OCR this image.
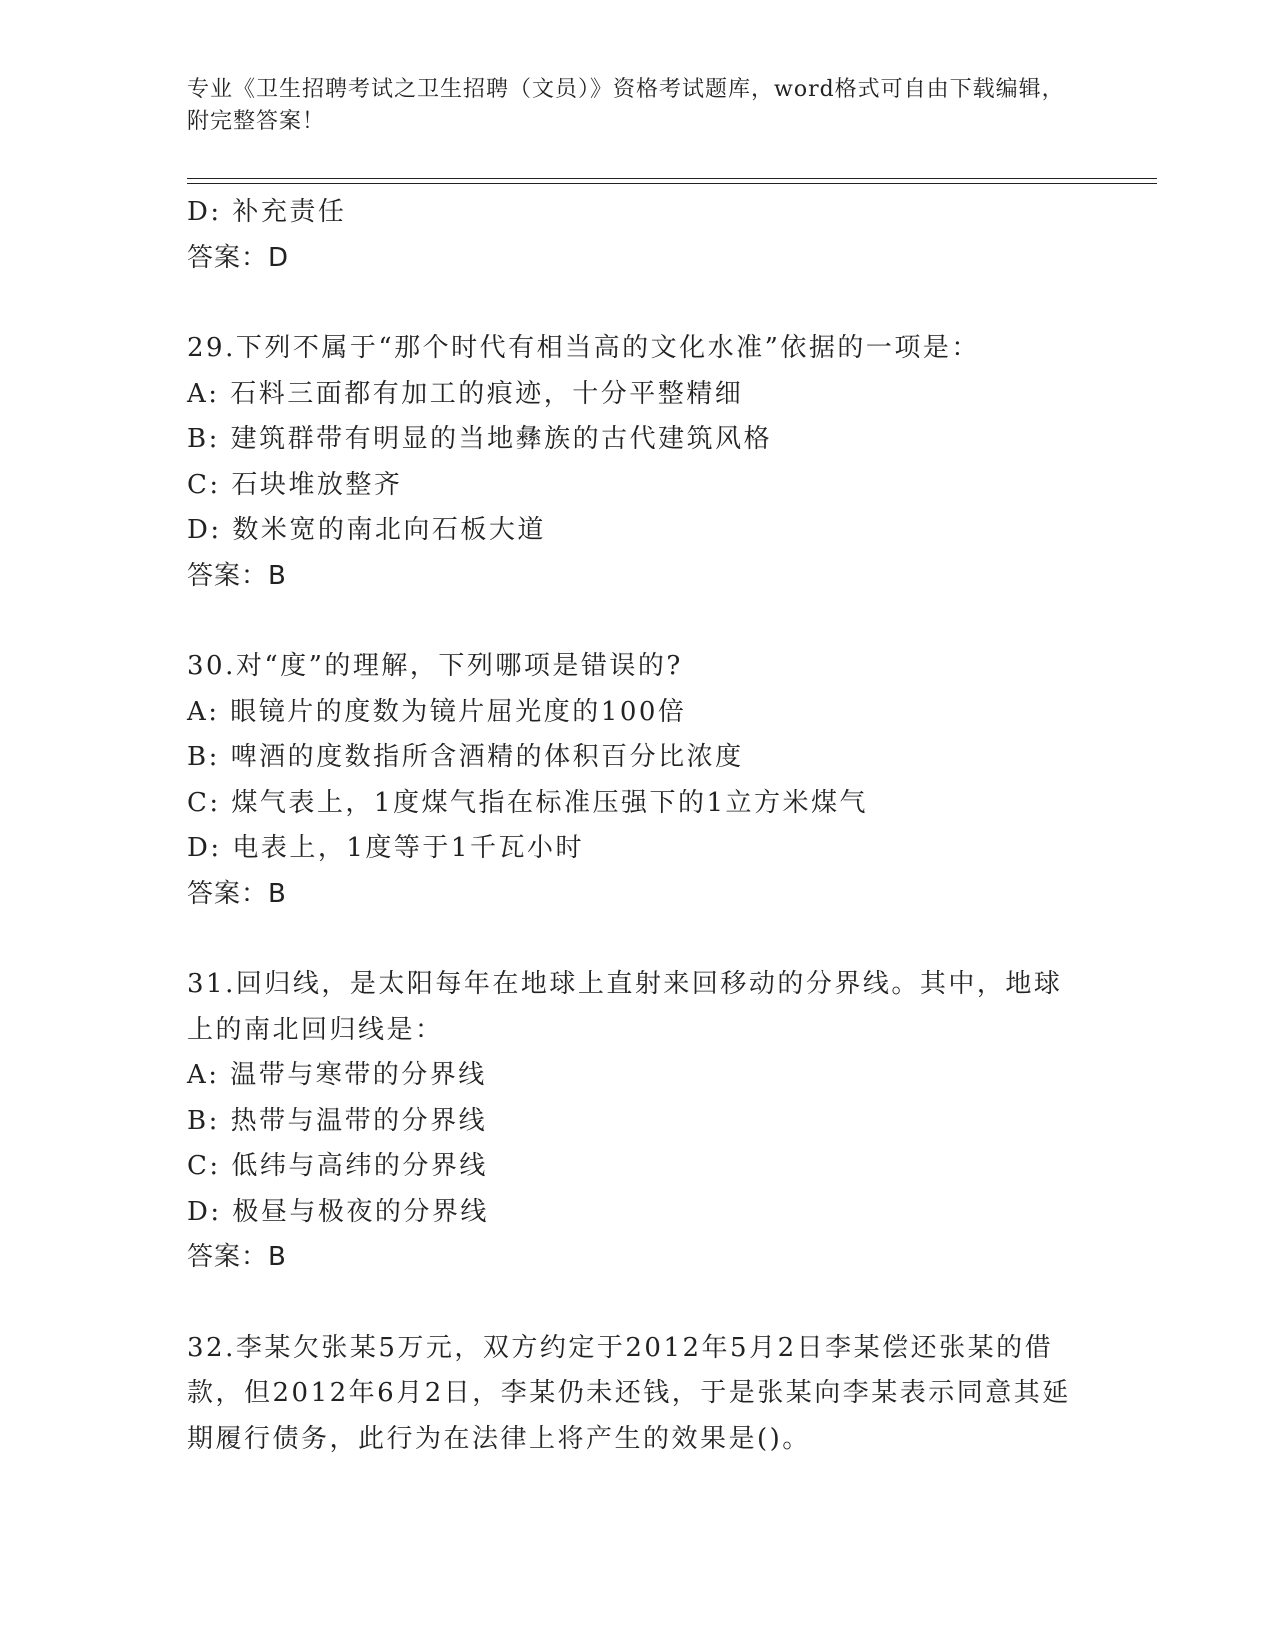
专业《卫生招聘考试之卫生招聘（文员）》资格考试题库，word格式可自由下载编辑，附完整答案！
D: 补充责任
答案：D
29.下列不属于“那个时代有相当高的文化水准”依据的一项是：
A: 石料三面都有加工的痕迹，十分平整精细
B: 建筑群带有明显的当地彝族的古代建筑风格
C: 石块堆放整齐
D: 数米宽的南北向石板大道
答案：B
30.对“度”的理解，下列哪项是错误的?
A: 眼镜片的度数为镜片屈光度的100倍
B: 啤酒的度数指所含酒精的体积百分比浓度
C: 煤气表上，1度煤气指在标准压强下的1立方米煤气
D: 电表上，1度等于1千瓦小时
答案：B
31.回归线，是太阳每年在地球上直射来回移动的分界线。其中，地球上的南北回归线是：
A: 温带与寒带的分界线
B: 热带与温带的分界线
C: 低纬与高纬的分界线
D: 极昼与极夜的分界线
答案：B
32.李某欠张某5万元，双方约定于2012年5月2日李某偿还张某的借款，但2012年6月2日，李某仍未还钱，于是张某向李某表示同意其延期履行债务，此行为在法律上将产生的效果是()。
